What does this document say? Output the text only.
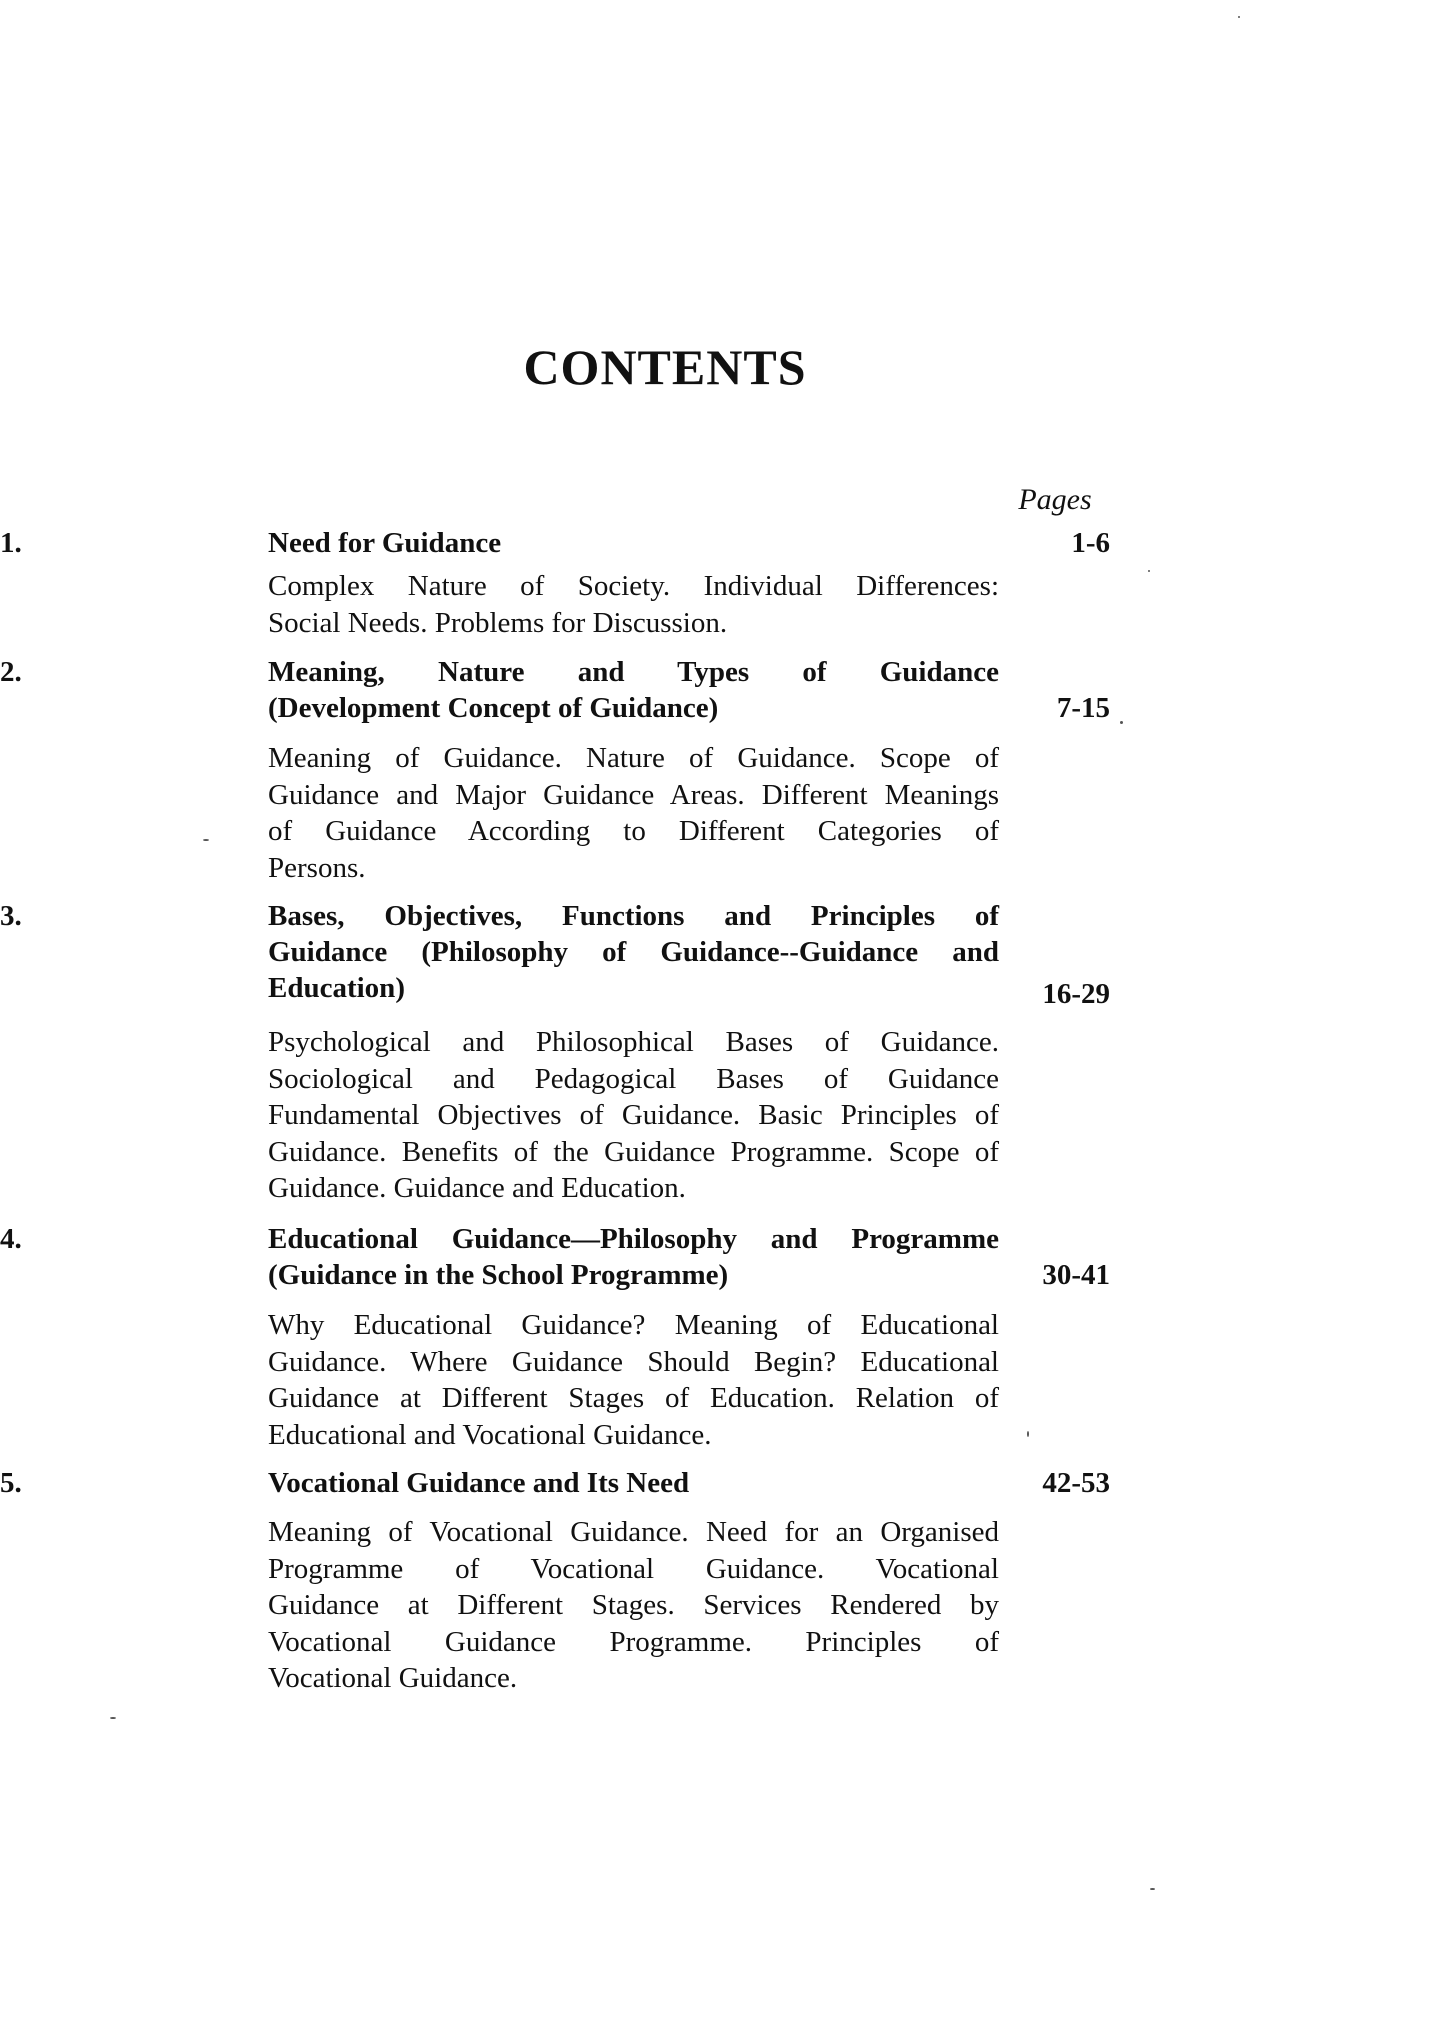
CONTENTS
Pages
1.	Need for Guidance	1-6
Complex Nature of Society. Individual Differences:
Social Needs. Problems for Discussion.
2.	Meaning, Nature and Types of Guidance
(Development Concept of Guidance)	7-15
Meaning of Guidance. Nature of Guidance. Scope of
Guidance and Major Guidance Areas. Different Meanings
of Guidance According to Different Categories of
Persons.
3.	Bases, Objectives, Functions and Principles of
Guidance (Philosophy of Guidance--Guidance and
Education)	16-29
Psychological and Philosophical Bases of Guidance.
Sociological and Pedagogical Bases of Guidance
Fundamental Objectives of Guidance. Basic Principles of
Guidance. Benefits of the Guidance Programme. Scope of
Guidance. Guidance and Education.
4.	Educational Guidance—Philosophy and Programme
(Guidance in the School Programme)	30-41
Why Educational Guidance? Meaning of Educational
Guidance. Where Guidance Should Begin? Educational
Guidance at Different Stages of Education. Relation of
Educational and Vocational Guidance.
5.	Vocational Guidance and Its Need	42-53
Meaning of Vocational Guidance. Need for an Organised
Programme of Vocational Guidance. Vocational
Guidance at Different Stages. Services Rendered by
Vocational Guidance Programme. Principles of
Vocational Guidance.
